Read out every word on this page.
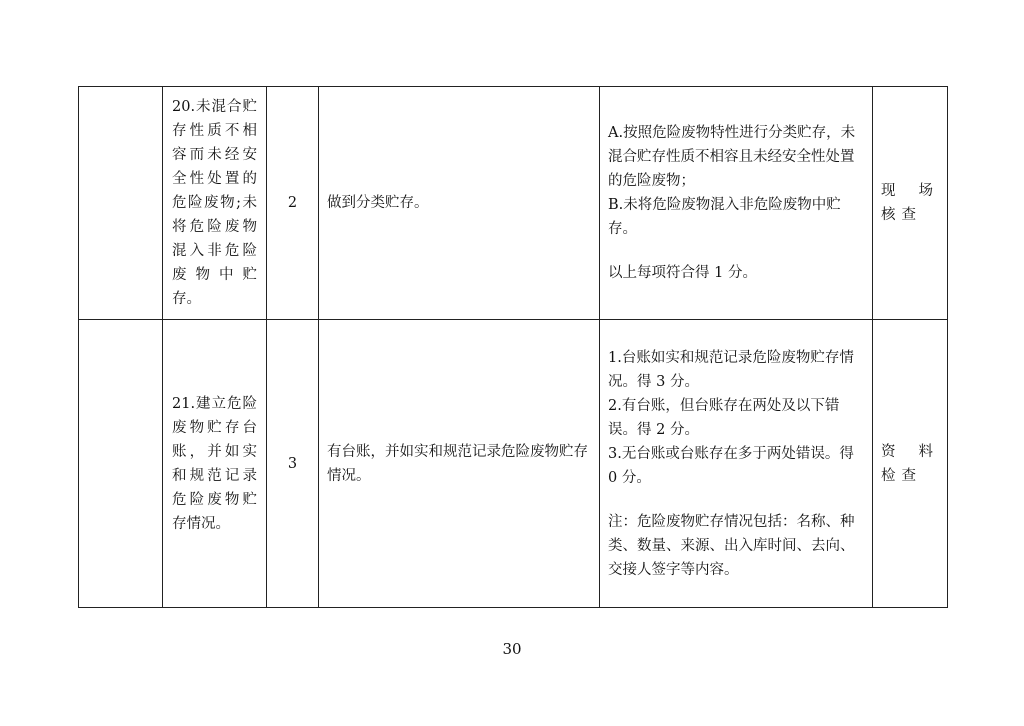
	20.未混合贮存性质不相容而未经安全性处置的危险废物;未将危险废物混入非危险废物中贮存。	2	做到分类贮存。	A.按照危险废物特性进行分类贮存，未混合贮存性质不相容且未经安全性处置的危险废物；
B.未将危险废物混入非危险废物中贮存。
以上每项符合得 1 分。	现场核查
	21.建立危险废物贮存台账，并如实和规范记录危险废物贮存情况。	3	有台账，并如实和规范记录危险废物贮存情况。	1.台账如实和规范记录危险废物贮存情况。得 3 分。
2.有台账，但台账存在两处及以下错误。得 2 分。
3.无台账或台账存在多于两处错误。得 0 分。
注：危险废物贮存情况包括：名称、种类、数量、来源、出入库时间、去向、交接人签字等内容。	资料检查
30
